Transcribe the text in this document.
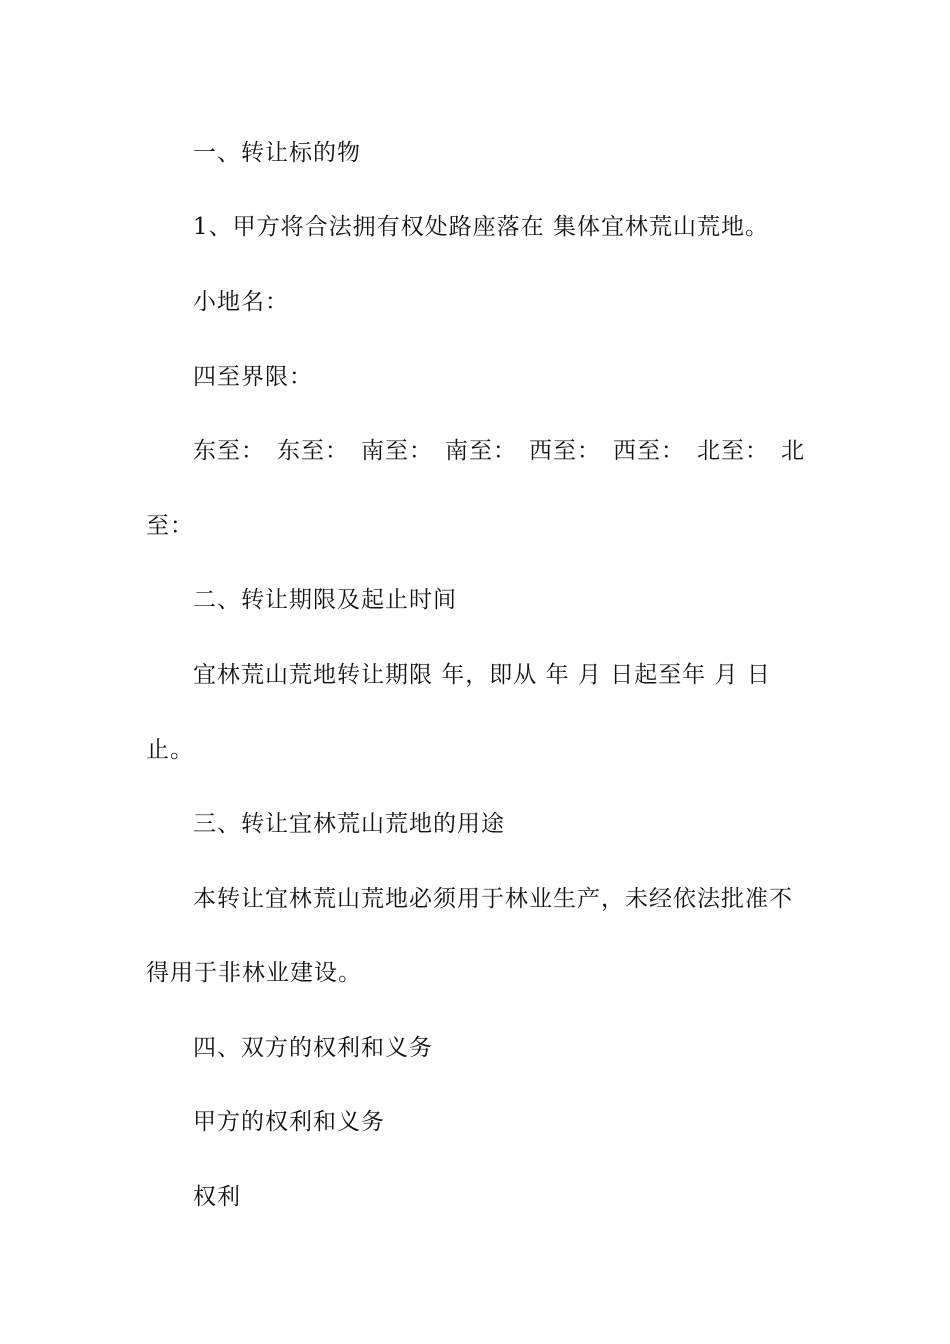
一、转让标的物
1、甲方将合法拥有权处路座落在 集体宜林荒山荒地。
小地名：
四至界限：
东至： 东至： 南至： 南至： 西至： 西至： 北至： 北
至：
二、转让期限及起止时间
宜林荒山荒地转让期限 年，即从 年 月 日起至年 月 日
止。
三、转让宜林荒山荒地的用途
本转让宜林荒山荒地必须用于林业生产，未经依法批准不
得用于非林业建设。
四、双方的权利和义务
甲方的权利和义务
权利
